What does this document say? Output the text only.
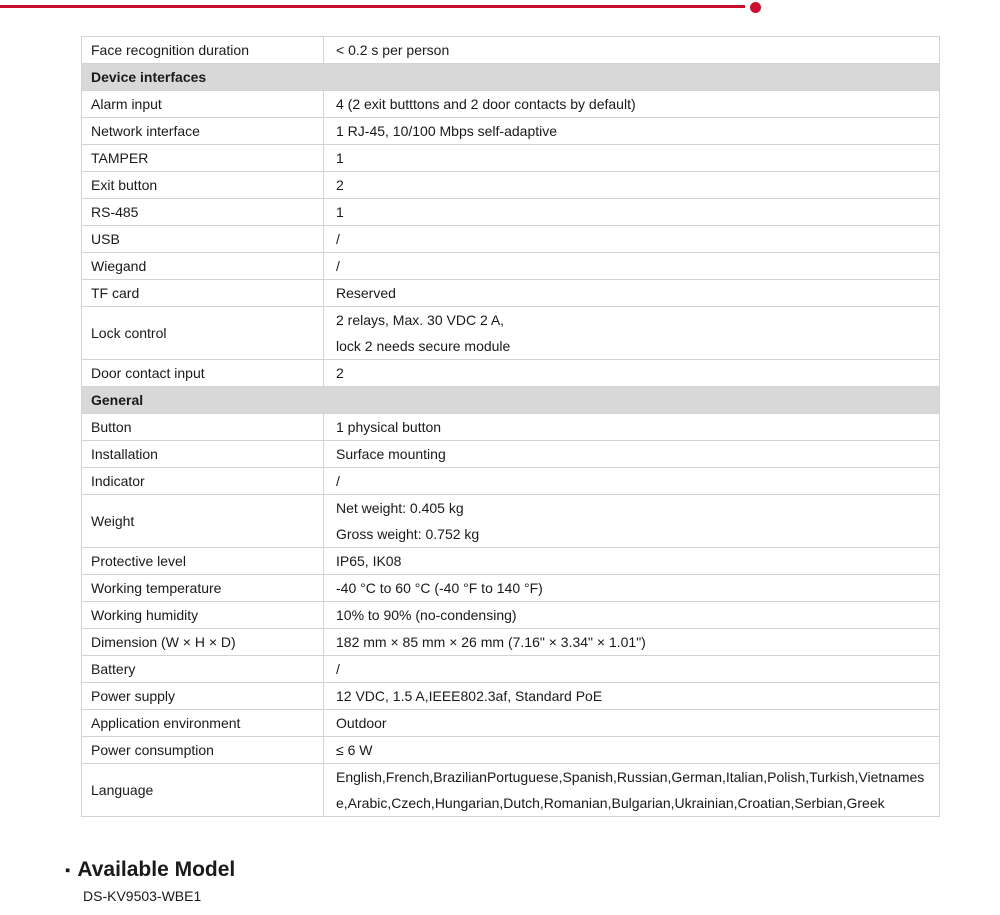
Face recognition duration	< 0.2 s per person

Device interfaces	
Alarm input	4 (2 exit butttons and 2 door contacts by default)

Network interface	1 RJ-45, 10/100 Mbps self-adaptive

TAMPER	1

Exit button	2

RS-485	1

USB	/

Wiegand	/

TF card	Reserved

Lock control	2 relays, Max. 30 VDC 2 A,
lock 2 needs secure module

Door contact input	2

General	
Button	1 physical button

Installation	Surface mounting

Indicator	/

Weight	Net weight: 0.405 kg
Gross weight: 0.752 kg

Protective level	IP65, IK08

Working temperature	-40 °C to 60 °C (-40 °F to 140 °F)

Working humidity	10% to 90% (no-condensing)

Dimension (W × H × D)	182 mm × 85 mm × 26 mm (7.16" × 3.34" × 1.01")

Battery	/

Power supply	12 VDC, 1.5 A,IEEE802.3af, Standard PoE

Application environment	Outdoor

Power consumption	≤ 6 W

Language	English,French,BrazilianPortuguese,Spanish,Russian,German,Italian,Polish,Turkish,Vietnamese,Arabic,Czech,Hungarian,Dutch,Romanian,Bulgarian,Ukrainian,Croatian,Serbian,Greek
▪ Available Model
DS-KV9503-WBE1
